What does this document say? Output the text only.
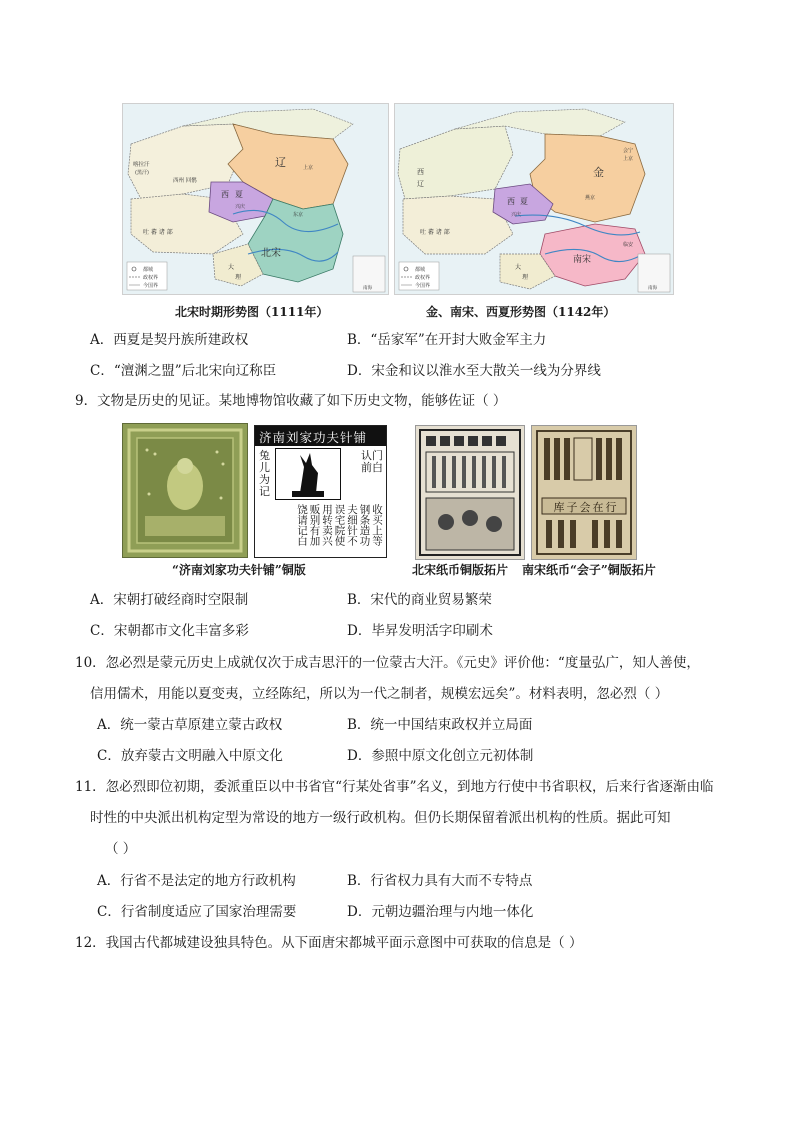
都城
政权界
今国界	南海
辽
西 夏
北宋
大
理
吐 蕃 诸 部
喀拉汗
(黑汗)
西州 回鹘
上京
兴庆
东京
都城
政权界
今国界	南海
金
西 夏
南宋
大
理
西
辽
吐 蕃 诸 部
会宁
上京
燕京
兴庆
临安
北宋时期形势图（1111年）	金、南宋、西夏形势图（1142年）
A．西夏是契丹族所建政权	B．“岳家军”在开封大败金军主力
C．“澶渊之盟”后北宋向辽称臣	D．宋金和议以淮水至大散关一线为分界线
9．文物是历史的见证。某地博物馆收藏了如下历史文物，能够佐证（ ）
济南刘家功夫针铺
兔儿为记
认门前白
收买上等钢条造功夫细针不误宅院使用转卖兴贩别有加饶请记白	行在会子库
“济南刘家功夫针铺”铜版	北宋纸币铜版拓片 南宋纸币“会子”铜版拓片
A．宋朝打破经商时空限制	B．宋代的商业贸易繁荣
C．宋朝都市文化丰富多彩	D．毕昇发明活字印刷术
10．忽必烈是蒙元历史上成就仅次于成吉思汗的一位蒙古大汗。《元史》评价他：“度量弘广，知人善使，
信用儒术，用能以夏变夷，立经陈纪，所以为一代之制者，规模宏远矣”。材料表明，忽必烈（ ）
A．统一蒙古草原建立蒙古政权	B．统一中国结束政权并立局面
C．放弃蒙古文明融入中原文化	D．参照中原文化创立元初体制
11．忽必烈即位初期，委派重臣以中书省官“行某处省事”名义，到地方行使中书省职权，后来行省逐渐由临
时性的中央派出机构定型为常设的地方一级行政机构。但仍长期保留着派出机构的性质。据此可知
（ ）
A．行省不是法定的地方行政机构	B．行省权力具有大而不专特点
C．行省制度适应了国家治理需要	D．元朝边疆治理与内地一体化
12．我国古代都城建设独具特色。从下面唐宋都城平面示意图中可获取的信息是（ ）
